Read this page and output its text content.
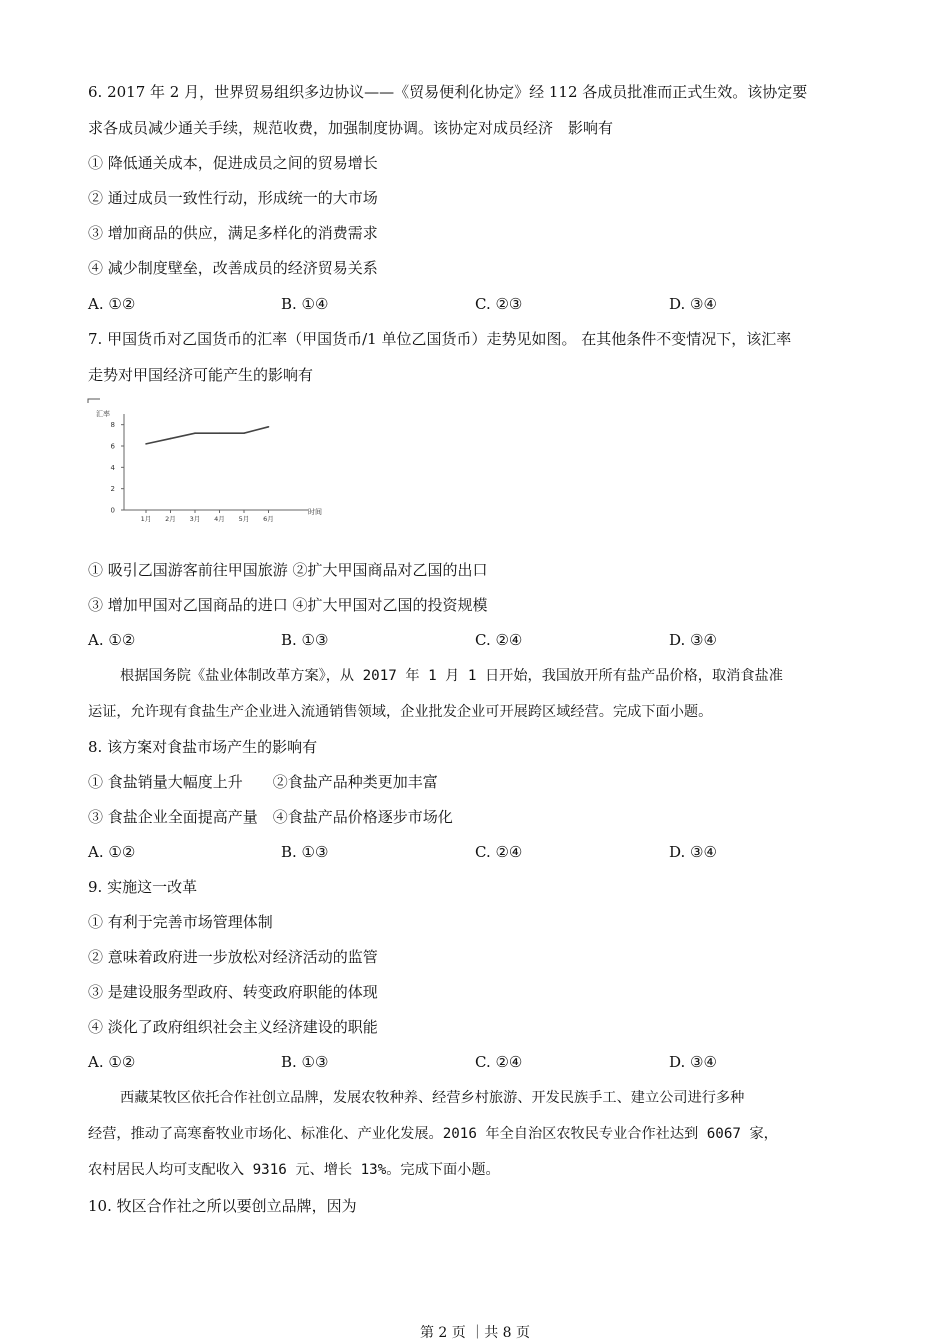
6. 2017 年 2 月，世界贸易组织多边协议——《贸易便利化协定》经 112 各成员批准而正式生效。该协定要
求各成员减少通关手续，规范收费，加强制度协调。该协定对成员经济　影响有
① 降低通关成本，促进成员之间的贸易增长
② 通过成员一致性行动，形成统一的大市场
③ 增加商品的供应，满足多样化的消费需求
④ 减少制度壁垒，改善成员的经济贸易关系
A. ①②	B. ①④	C. ②③	D. ③④
7. 甲国货币对乙国货币的汇率（甲国货币/1 单位乙国货币）走势见如图。 在其他条件不变情况下，该汇率
走势对甲国经济可能产生的影响有
汇率
时间
0
2
4
6
8
1月 2月 3月 4月 5月 6月
① 吸引乙国游客前往甲国旅游 ②扩大甲国商品对乙国的出口
③ 增加甲国对乙国商品的进口 ④扩大甲国对乙国的投资规模
A. ①②	B. ①③	C. ②④	D. ③④
根据国务院《盐业体制改革方案》，从 2017 年 1 月 1 日开始，我国放开所有盐产品价格，取消食盐准
运证，允许现有食盐生产企业进入流通销售领域，企业批发企业可开展跨区域经营。完成下面小题。
8. 该方案对食盐市场产生的影响有
① 食盐销量大幅度上升　　②食盐产品种类更加丰富
③ 食盐企业全面提高产量　④食盐产品价格逐步市场化
A. ①②	B. ①③	C. ②④	D. ③④
9. 实施这一改革
① 有利于完善市场管理体制
② 意味着政府进一步放松对经济活动的监管
③ 是建设服务型政府、转变政府职能的体现
④ 淡化了政府组织社会主义经济建设的职能
A. ①②	B. ①③	C. ②④	D. ③④
西藏某牧区依托合作社创立品牌，发展农牧种养、经营乡村旅游、开发民族手工、建立公司进行多种
经营，推动了高寒畜牧业市场化、标准化、产业化发展。2016 年全自治区农牧民专业合作社达到 6067 家，
农村居民人均可支配收入 9316 元、增长 13%。完成下面小题。
10. 牧区合作社之所以要创立品牌，因为
第 2 页 ｜共 8 页
